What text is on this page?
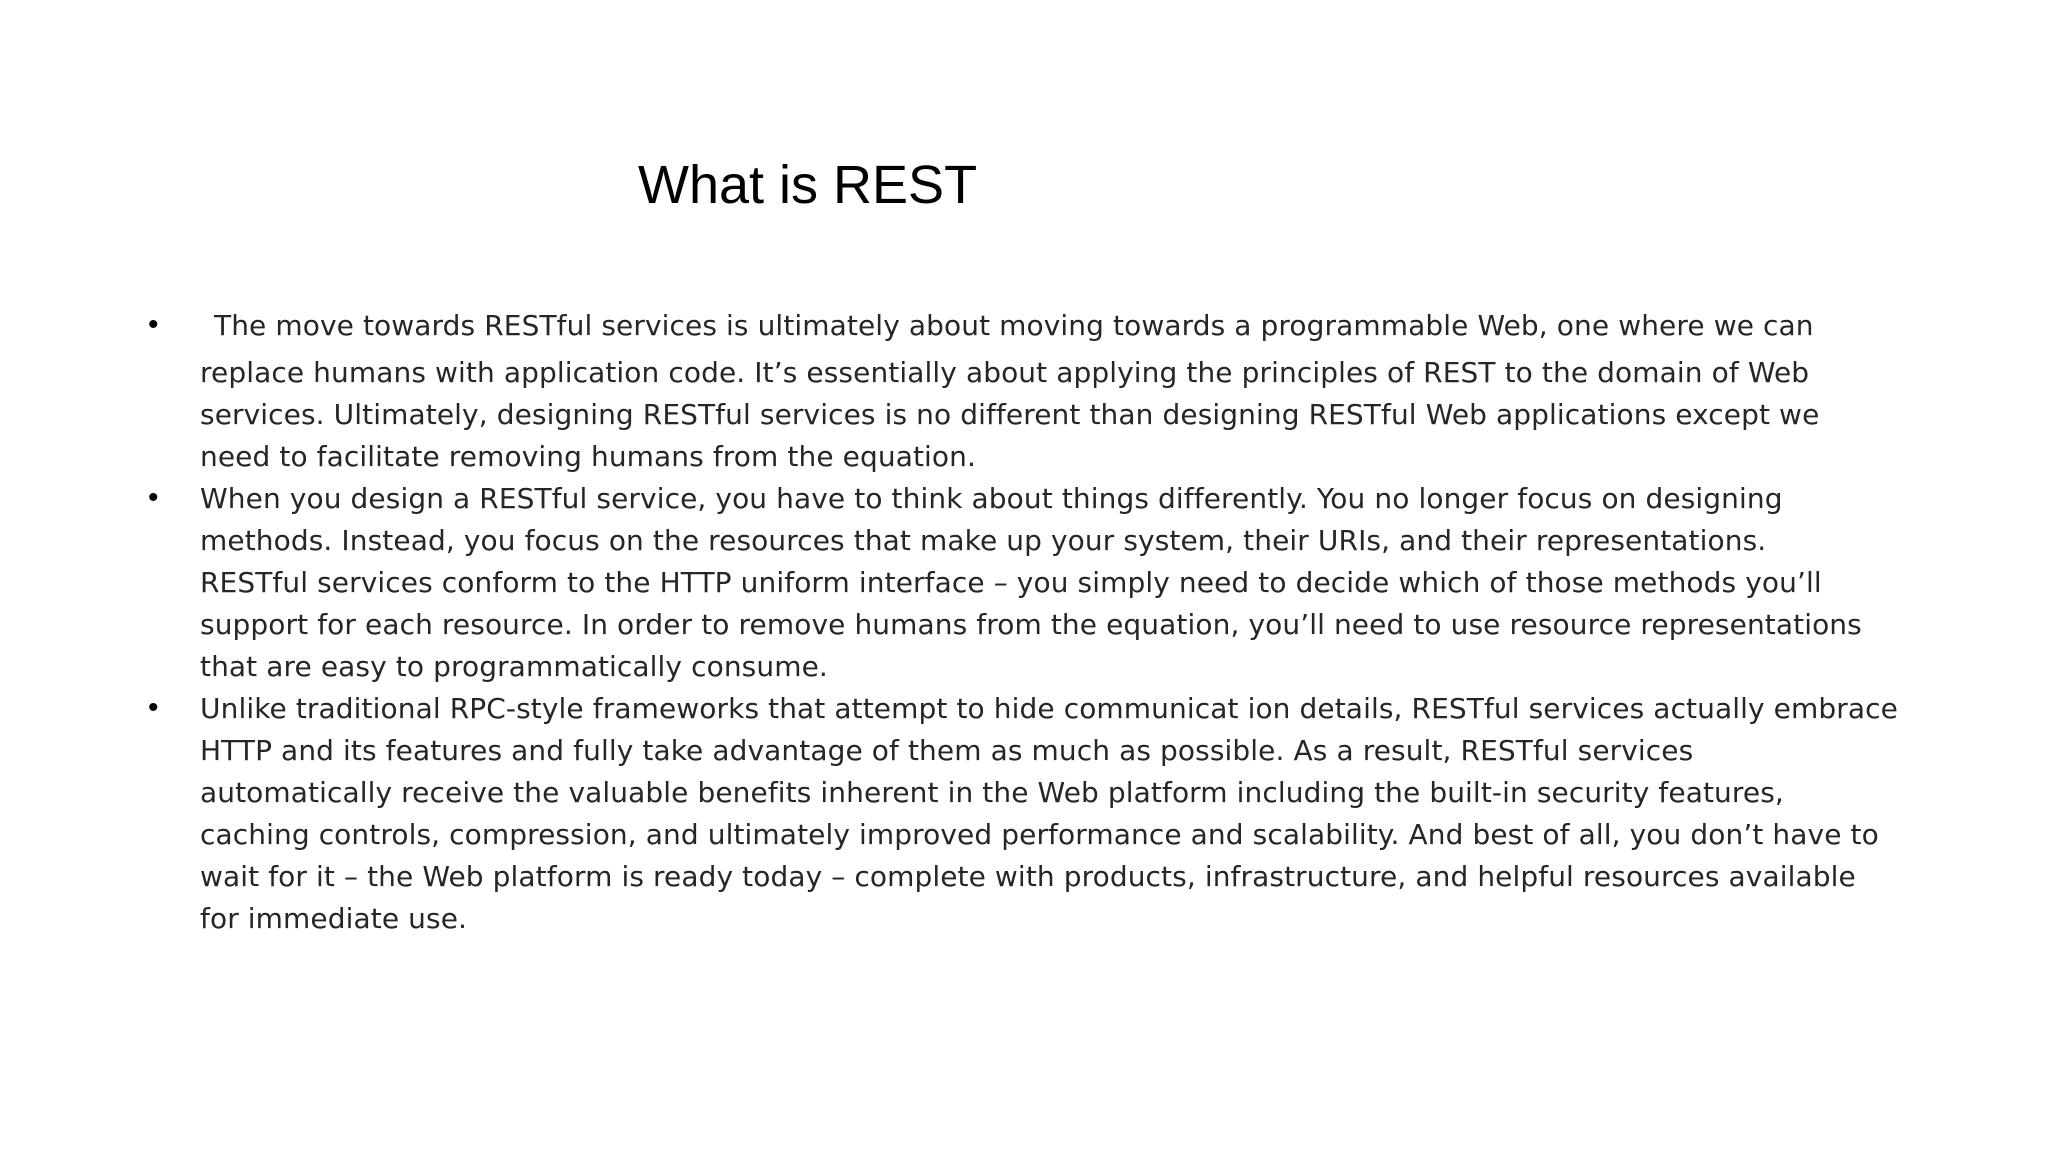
What is REST
•	The move towards RESTful services is ultimately about moving towards a programmable Web, one where we can
replace humans with application code. It’s essentially about applying the principles of REST to the domain of Web
services. Ultimately, designing RESTful services is no different than designing RESTful Web applications except we
need to facilitate removing humans from the equation.
• When you design a RESTful service, you have to think about things differently. You no longer focus on designing
methods. Instead, you focus on the resources that make up your system, their URIs, and their representations.
RESTful services conform to the HTTP uniform interface – you simply need to decide which of those methods you’ll
support for each resource. In order to remove humans from the equation, you’ll need to use resource representations
that are easy to programmatically consume.
• Unlike traditional RPC-style frameworks that attempt to hide communicat ion details, RESTful services actually embrace
HTTP and its features and fully take advantage of them as much as possible. As a result, RESTful services
automatically receive the valuable benefits inherent in the Web platform including the built-in security features,
caching controls, compression, and ultimately improved performance and scalability. And best of all, you don’t have to
wait for it – the Web platform is ready today – complete with products, infrastructure, and helpful resources available
for immediate use.
